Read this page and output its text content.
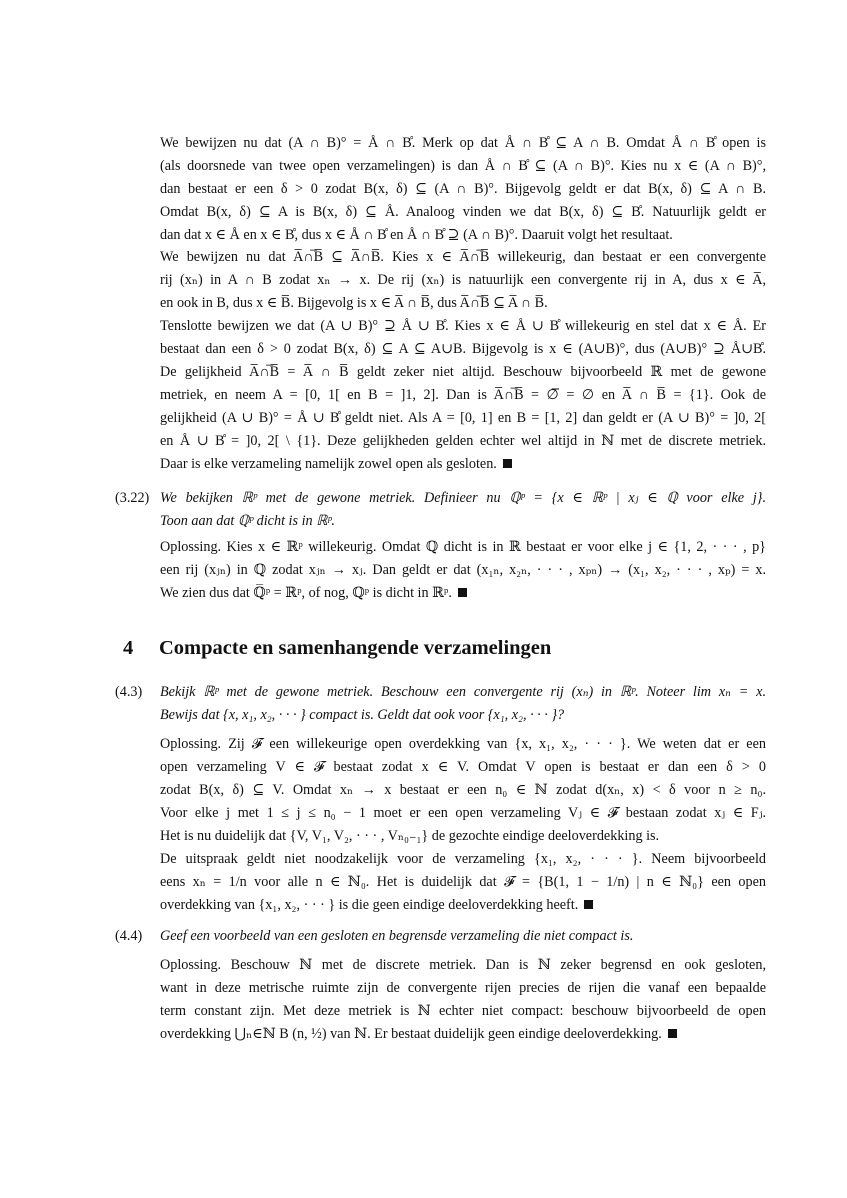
We bewijzen nu dat (A ∩ B)° = Å ∩ B̊. Merk op dat Å ∩ B̊ ⊆ A ∩ B. Omdat Å ∩ B̊ open is
(als doorsnede van twee open verzamelingen) is dan Å ∩ B̊ ⊆ (A ∩ B)°. Kies nu x ∈ (A ∩ B)°,
dan bestaat er een δ > 0 zodat B(x, δ) ⊆ (A ∩ B)°. Bijgevolg geldt er dat B(x, δ) ⊆ A ∩ B.
Omdat B(x, δ) ⊆ A is B(x, δ) ⊆ Å. Analoog vinden we dat B(x, δ) ⊆ B̊. Natuurlijk geldt er
dan dat x ∈ Å en x ∈ B̊, dus x ∈ Å ∩ B̊ en Å ∩ B̊ ⊇ (A ∩ B)°. Daaruit volgt het resultaat.
We bewijzen nu dat A̅∩̅B̅ ⊆ A̅∩B̅. Kies x ∈ A̅∩̅B̅ willekeurig, dan bestaat er een convergente
rij (xₙ) in A ∩ B zodat xₙ → x. De rij (xₙ) is natuurlijk een convergente rij in A, dus x ∈ A̅,
en ook in B, dus x ∈ B̅. Bijgevolg is x ∈ A̅ ∩ B̅, dus A̅∩̅B̅ ⊆ A̅ ∩ B̅.
Tenslotte bewijzen we dat (A ∪ B)° ⊇ Å ∪ B̊. Kies x ∈ Å ∪ B̊ willekeurig en stel dat x ∈ Å. Er
bestaat dan een δ > 0 zodat B(x, δ) ⊆ A ⊆ A∪B. Bijgevolg is x ∈ (A∪B)°, dus (A∪B)° ⊇ Å∪B̊.
De gelijkheid A̅∩̅B̅ = A̅ ∩ B̅ geldt zeker niet altijd. Beschouw bijvoorbeeld ℝ met de gewone
metriek, en neem A = [0, 1[ en B = ]1, 2]. Dan is A̅∩̅B̅ = ∅̅ = ∅ en A̅ ∩ B̅ = {1}. Ook de
gelijkheid (A ∪ B)° = Å ∪ B̊ geldt niet. Als A = [0, 1] en B = [1, 2] dan geldt er (A ∪ B)° = ]0, 2[
en Å ∪ B̊ = ]0, 2[ \ {1}. Deze gelijkheden gelden echter wel altijd in ℕ met de discrete metriek.
Daar is elke verzameling namelijk zowel open als gesloten.
(3.22) We bekijken ℝᵖ met de gewone metriek. Definieer nu ℚᵖ = {x ∈ ℝᵖ | xⱼ ∈ ℚ voor elke j}.
Toon aan dat ℚᵖ dicht is in ℝᵖ.
Oplossing. Kies x ∈ ℝᵖ willekeurig. Omdat ℚ dicht is in ℝ bestaat er voor elke j ∈ {1, 2, · · · , p}
een rij (xⱼₙ) in ℚ zodat xⱼₙ → xⱼ. Dan geldt er dat (x₁ₙ, x₂ₙ, · · · , xₚₙ) → (x₁, x₂, · · · , xₚ) = x.
We zien dus dat ℚ̅ᵖ = ℝᵖ, of nog, ℚᵖ is dicht in ℝᵖ.
4 Compacte en samenhangende verzamelingen
(4.3) Bekijk ℝᵖ met de gewone metriek. Beschouw een convergente rij (xₙ) in ℝᵖ. Noteer lim xₙ = x.
Bewijs dat {x, x₁, x₂, · · · } compact is. Geldt dat ook voor {x₁, x₂, · · · }?
Oplossing. Zij 𝓕 een willekeurige open overdekking van {x, x₁, x₂, · · · }. We weten dat er een
open verzameling V ∈ 𝓕 bestaat zodat x ∈ V. Omdat V open is bestaat er dan een δ > 0
zodat B(x, δ) ⊆ V. Omdat xₙ → x bestaat er een n₀ ∈ ℕ zodat d(xₙ, x) < δ voor n ≥ n₀.
Voor elke j met 1 ≤ j ≤ n₀ − 1 moet er een open verzameling Vⱼ ∈ 𝓕 bestaan zodat xⱼ ∈ Fⱼ.
Het is nu duidelijk dat {V, V₁, V₂, · · · , Vₙ₀₋₁} de gezochte eindige deeloverdekking is.
De uitspraak geldt niet noodzakelijk voor de verzameling {x₁, x₂, · · · }. Neem bijvoorbeeld
eens xₙ = 1/n voor alle n ∈ ℕ₀. Het is duidelijk dat 𝓕 = {B(1, 1 − 1/n) | n ∈ ℕ₀} een open
overdekking van {x₁, x₂, · · · } is die geen eindige deeloverdekking heeft.
(4.4) Geef een voorbeeld van een gesloten en begrensde verzameling die niet compact is.
Oplossing. Beschouw ℕ met de discrete metriek. Dan is ℕ zeker begrensd en ook gesloten,
want in deze metrische ruimte zijn de convergente rijen precies de rijen die vanaf een bepaalde
term constant zijn. Met deze metriek is ℕ echter niet compact: beschouw bijvoorbeeld de open
overdekking ⋃ₙ∈ℕ B (n, ½) van ℕ. Er bestaat duidelijk geen eindige deeloverdekking.
